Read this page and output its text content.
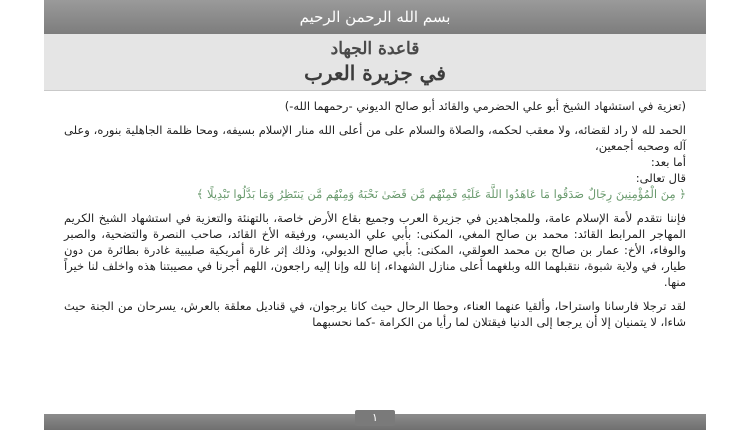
بسم الله الرحمن الرحيم
قاعدة الجهاد
في جزيرة العرب

(تعزية في استشهاد الشيخ أبو علي الحضرمي والقائد أبو صالح الديوني -رحمهما الله-)

الحمد لله لا راد لقضائه، ولا معقب لحكمه، والصلاة والسلام على من أعلى الله منار الإسلام بسيفه، ومحا ظلمة الجاهلية بنوره، وعلى آله وصحبه أجمعين،

أما بعد:

قال تعالى:

﴿ مِنَ الْمُؤْمِنِينَ رِجَالٌ صَدَقُوا مَا عَاهَدُوا اللَّهَ عَلَيْهِ فَمِنْهُم مَّن قَضَىٰ نَحْبَهُ وَمِنْهُم مَّن يَنتَظِرُ وَمَا بَدَّلُوا تَبْدِيلًا ﴾

فإننا نتقدم لأمة الإسلام عامة، وللمجاهدين في جزيرة العرب وجميع بقاع الأرض خاصة، بالتهنئة والتعزية في استشهاد الشيخ الكريم المهاجر المرابط القائد: محمد بن صالح المغي، المكنى: بأبي علي الديسي، ورفيقه الأخ القائد، صاحب النصرة والتضحية، والصبر والوفاء، الأخ: عمار بن صالح بن محمد العولقي، المكنى: بأبي صالح الديولي، وذلك إثر غارة أمريكية صليبية غادرة بطائرة من دون طيار، في ولاية شبوة، نتقبلهما الله وبلغهما أعلى منازل الشهداء، إنا لله وإنا إليه راجعون، اللهم أجرنا في مصيبتنا هذه واخلف لنا خيراً منها.

لقد ترجلا فارسانا واستراحا، وألقيا عنهما العناء، وحطا الرحال حيث كانا يرجوان، في قناديل معلقة بالعرش، يسرحان من الجنة حيث شاءا، لا يتمنيان إلا أن يرجعا إلى الدنيا فيقتلان لما رأيا من الكرامة -كما نحسبهما

١
